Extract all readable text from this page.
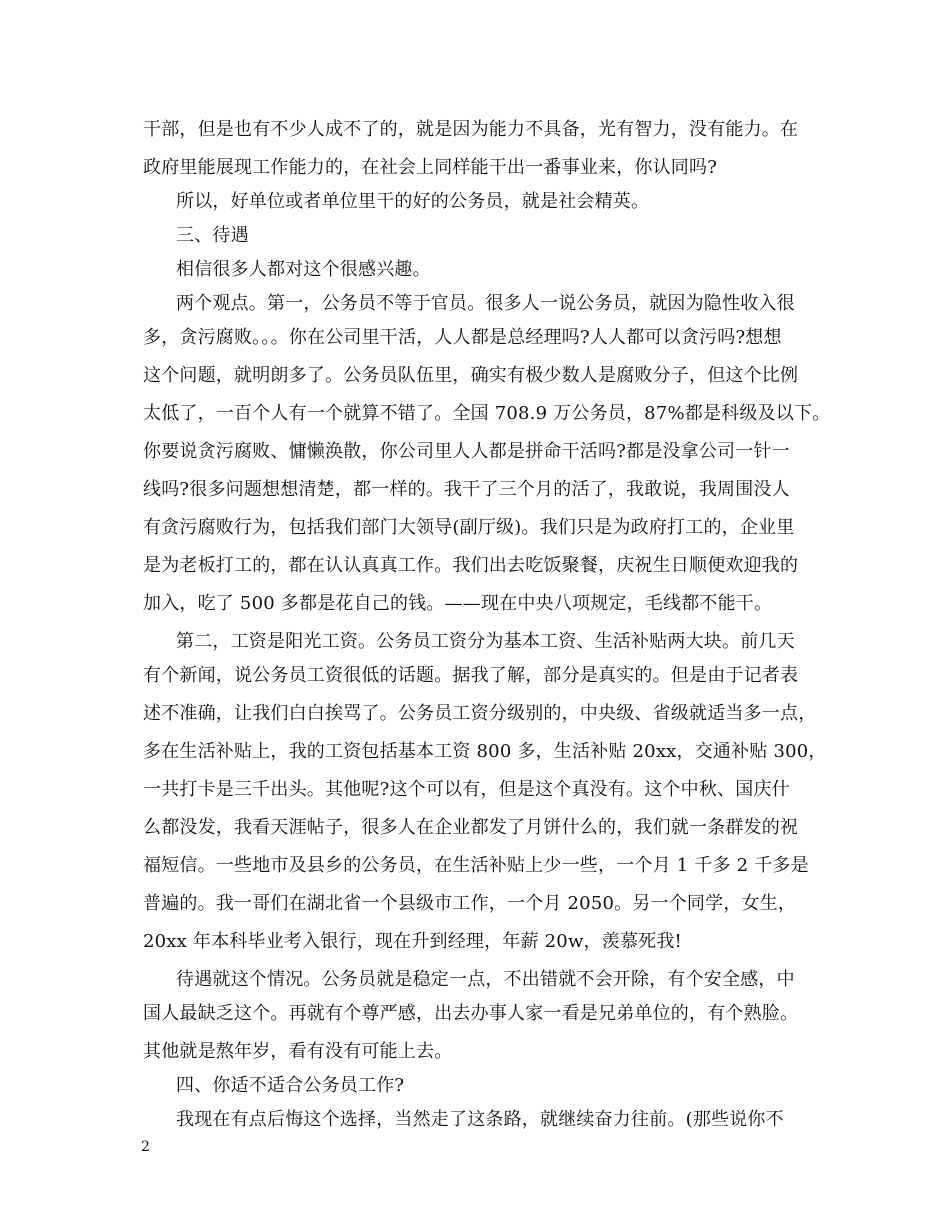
干部，但是也有不少人成不了的，就是因为能力不具备，光有智力，没有能力。在
政府里能展现工作能力的，在社会上同样能干出一番事业来，你认同吗?
所以，好单位或者单位里干的好的公务员，就是社会精英。
三、待遇
相信很多人都对这个很感兴趣。
两个观点。第一，公务员不等于官员。很多人一说公务员，就因为隐性收入很
多，贪污腐败。。。你在公司里干活，人人都是总经理吗?人人都可以贪污吗?想想
这个问题，就明朗多了。公务员队伍里，确实有极少数人是腐败分子，但这个比例
太低了，一百个人有一个就算不错了。全国 708.9 万公务员，87%都是科级及以下。
你要说贪污腐败、慵懒涣散，你公司里人人都是拼命干活吗?都是没拿公司一针一
线吗?很多问题想想清楚，都一样的。我干了三个月的活了，我敢说，我周围没人
有贪污腐败行为，包括我们部门大领导(副厅级)。我们只是为政府打工的，企业里
是为老板打工的，都在认认真真工作。我们出去吃饭聚餐，庆祝生日顺便欢迎我的
加入，吃了 500 多都是花自己的钱。——现在中央八项规定，毛线都不能干。
第二，工资是阳光工资。公务员工资分为基本工资、生活补贴两大块。前几天
有个新闻，说公务员工资很低的话题。据我了解，部分是真实的。但是由于记者表
述不准确，让我们白白挨骂了。公务员工资分级别的，中央级、省级就适当多一点，
多在生活补贴上，我的工资包括基本工资 800 多，生活补贴 20xx，交通补贴 300，
一共打卡是三千出头。其他呢?这个可以有，但是这个真没有。这个中秋、国庆什
么都没发，我看天涯帖子，很多人在企业都发了月饼什么的，我们就一条群发的祝
福短信。一些地市及县乡的公务员，在生活补贴上少一些，一个月 1 千多 2 千多是
普遍的。我一哥们在湖北省一个县级市工作，一个月 2050。另一个同学，女生，
20xx 年本科毕业考入银行，现在升到经理，年薪 20w，羡慕死我!
待遇就这个情况。公务员就是稳定一点，不出错就不会开除，有个安全感，中
国人最缺乏这个。再就有个尊严感，出去办事人家一看是兄弟单位的，有个熟脸。
其他就是熬年岁，看有没有可能上去。
四、你适不适合公务员工作?
我现在有点后悔这个选择，当然走了这条路，就继续奋力往前。(那些说你不
2
